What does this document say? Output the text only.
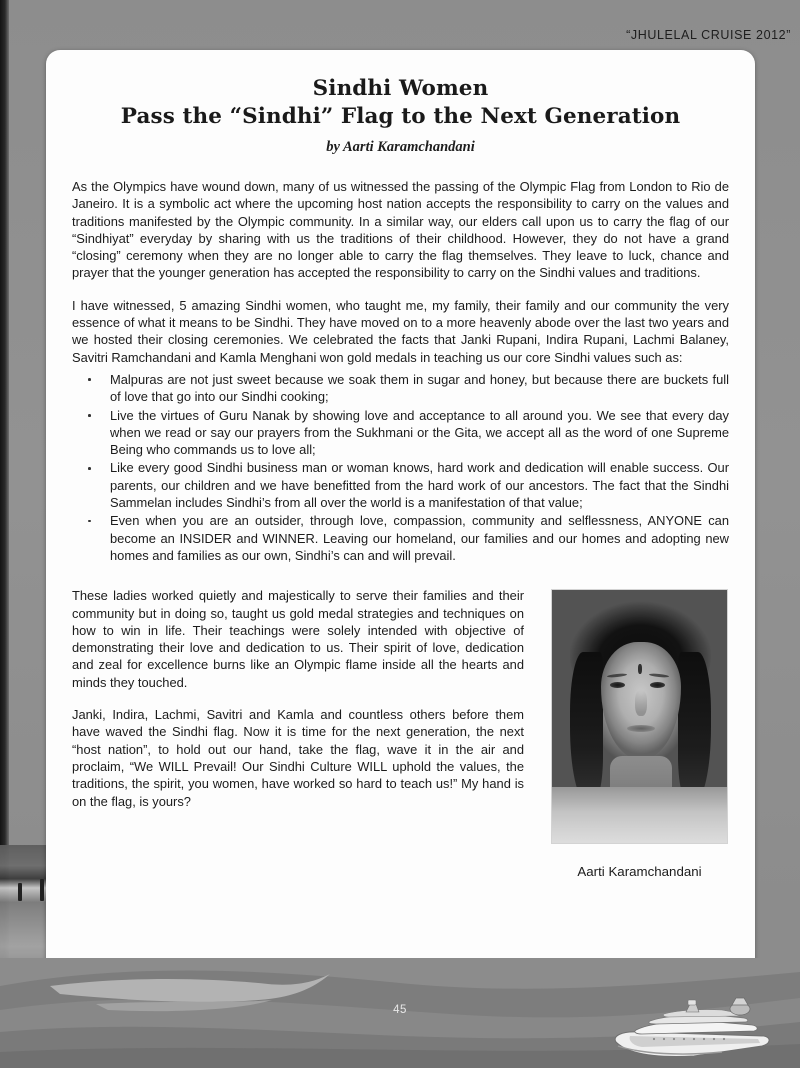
“JHULELAL CRUISE 2012”
Sindhi Women
Pass the “Sindhi” Flag to the Next Generation
by Aarti Karamchandani

As the Olympics have wound down, many of us witnessed the passing of the Olympic Flag from London to Rio de Janeiro. It is a symbolic act where the upcoming host nation accepts the responsibility to carry on the values and traditions manifested by the Olympic community. In a similar way, our elders call upon us to carry the flag of our “Sindhiyat” everyday by sharing with us the traditions of their childhood. However, they do not have a grand “closing” ceremony when they are no longer able to carry the flag themselves. They leave to luck, chance and prayer that the younger generation has accepted the responsibility to carry on the Sindhi values and traditions.

I have witnessed, 5 amazing Sindhi women, who taught me, my family, their family and our community the very essence of what it means to be Sindhi. They have moved on to a more heavenly abode over the last two years and we hosted their closing ceremonies. We celebrated the facts that Janki Rupani, Indira Rupani, Lachmi Balaney, Savitri Ramchandani and Kamla Menghani won gold medals in teaching us our core Sindhi values such as:

Malpuras are not just sweet because we soak them in sugar and honey, but because there are buckets full of love that go into our Sindhi cooking;
Live the virtues of Guru Nanak by showing love and acceptance to all around you. We see that every day when we read or say our prayers from the Sukhmani or the Gita, we accept all as the word of one Supreme Being who commands us to love all;
Like every good Sindhi business man or woman knows, hard work and dedication will enable success. Our parents, our children and we have benefitted from the hard work of our ancestors. The fact that the Sindhi Sammelan includes Sindhi’s from all over the world is a manifestation of that value;
Even when you are an outsider, through love, compassion, community and selflessness, ANYONE can become an INSIDER and WINNER. Leaving our homeland, our families and our homes and adopting new homes and families as our own, Sindhi’s can and will prevail.

These ladies worked quietly and majestically to serve their families and their community but in doing so, taught us gold medal strategies and techniques on how to win in life. Their teachings were solely intended with objective of demonstrating their love and dedication to us. Their spirit of love, dedication and zeal for excellence burns like an Olympic flame inside all the hearts and minds they touched.

Janki, Indira, Lachmi, Savitri and Kamla and countless others before them have waved the Sindhi flag. Now it is time for the next generation, the next “host nation”, to hold out our hand, take the flag, wave it in the air and proclaim, “We WILL Prevail! Our Sindhi Culture WILL uphold the values, the traditions, the spirit, you women, have worked so hard to teach us!” My hand is on the flag, is yours?

Aarti Karamchandani
45
